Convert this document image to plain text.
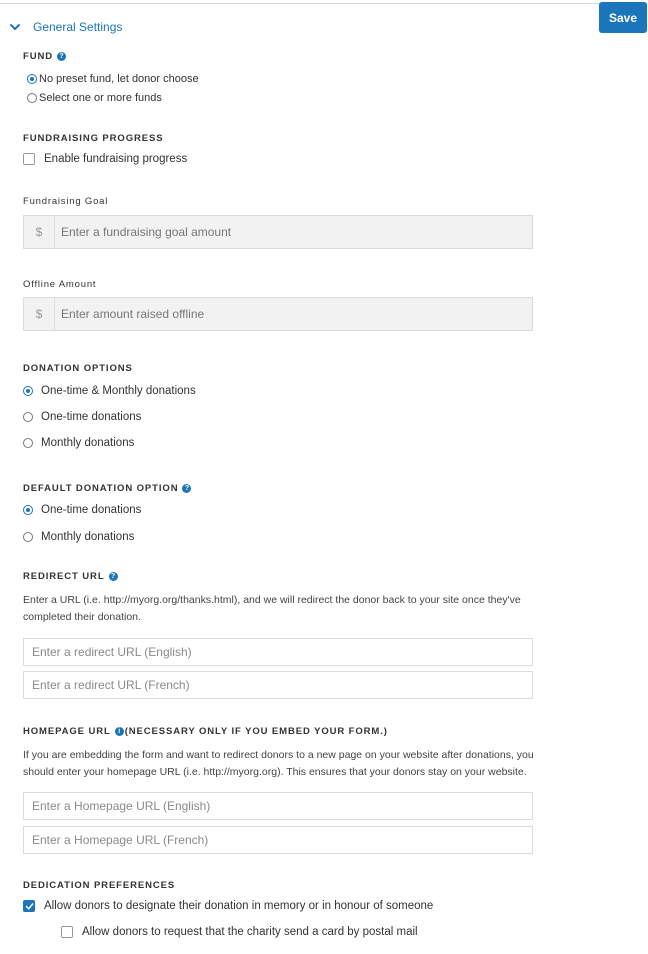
Save
General Settings
FUND ?
No preset fund, let donor choose
Select one or more funds
FUNDRAISING PROGRESS
Enable fundraising progress
Fundraising Goal
$
Enter a fundraising goal amount
Offline Amount
$
Enter amount raised offline
DONATION OPTIONS
One-time & Monthly donations
One-time donations
Monthly donations
DEFAULT DONATION OPTION ?
One-time donations
Monthly donations
REDIRECT URL ?
Enter a URL (i.e. http://myorg.org/thanks.html), and we will redirect the donor back to your site once they've
completed their donation.
Enter a redirect URL (English)
Enter a redirect URL (French)
HOMEPAGE URL	i (NECESSARY ONLY IF YOU EMBED YOUR FORM.)
If you are embedding the form and want to redirect donors to a new page on your website after donations, you
should enter your homepage URL (i.e. http://myorg.org). This ensures that your donors stay on your website.
Enter a Homepage URL (English)
Enter a Homepage URL (French)
DEDICATION PREFERENCES
Allow donors to designate their donation in memory or in honour of someone
Allow donors to request that the charity send a card by postal mail
